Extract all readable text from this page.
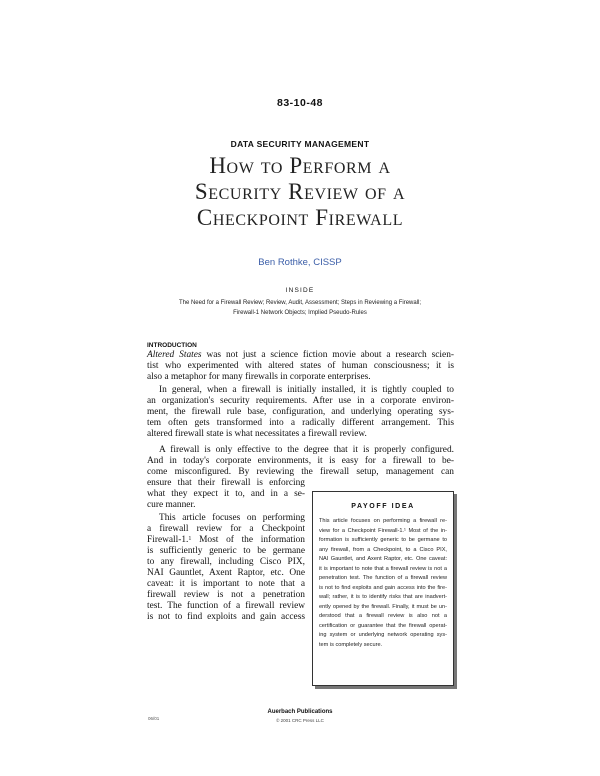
83-10-48
DATA SECURITY MANAGEMENT
How to Perform a
Security Review of a
Checkpoint Firewall
Ben Rothke, CISSP
INSIDE
The Need for a Firewall Review; Review, Audit, Assessment; Steps in Reviewing a Firewall;
Firewall-1 Network Objects; Implied Pseudo-Rules
INTRODUCTION
Altered States was not just a science fiction movie about a research scien-
tist who experimented with altered states of human consciousness; it is
also a metaphor for many firewalls in corporate enterprises.
In general, when a firewall is initially installed, it is tightly coupled to
an organization's security requirements. After use in a corporate environ-
ment, the firewall rule base, configuration, and underlying operating sys-
tem often gets transformed into a radically different arrangement. This
altered firewall state is what necessitates a firewall review.
A firewall is only effective to the degree that it is properly configured.
And in today's corporate environments, it is easy for a firewall to be-
come misconfigured. By reviewing the firewall setup, management can
ensure that their firewall is enforcing
what they expect it to, and in a se-
cure manner.
This article focuses on performing
a firewall review for a Checkpoint
Firewall-1.$^1$ Most of the information
is sufficiently generic to be germane
to any firewall, including Cisco PIX,
NAI Gauntlet, Axent Raptor, etc. One
caveat: it is important to note that a
firewall review is not a penetration
test. The function of a firewall review
is not to find exploits and gain access
PAYOFF IDEA
This article focuses on performing a firewall re-
view for a Checkpoint Firewall-1.¹ Most of the in-
formation is sufficiently generic to be germane to
any firewall, from a Checkpoint, to a Cisco PIX,
NAI Gauntlet, and Axent Raptor, etc. One caveat:
it is important to note that a firewall review is not a
penetration test. The function of a firewall review
is not to find exploits and gain access into the fire-
wall; rather, it is to identify risks that are inadvert-
ently opened by the firewall. Finally, it must be un-
derstood that a firewall review is also not a
certification or guarantee that the firewall operat-
ing system or underlying network operating sys-
tem is completely secure.
06/01
Auerbach Publications
© 2001 CRC Press LLC
